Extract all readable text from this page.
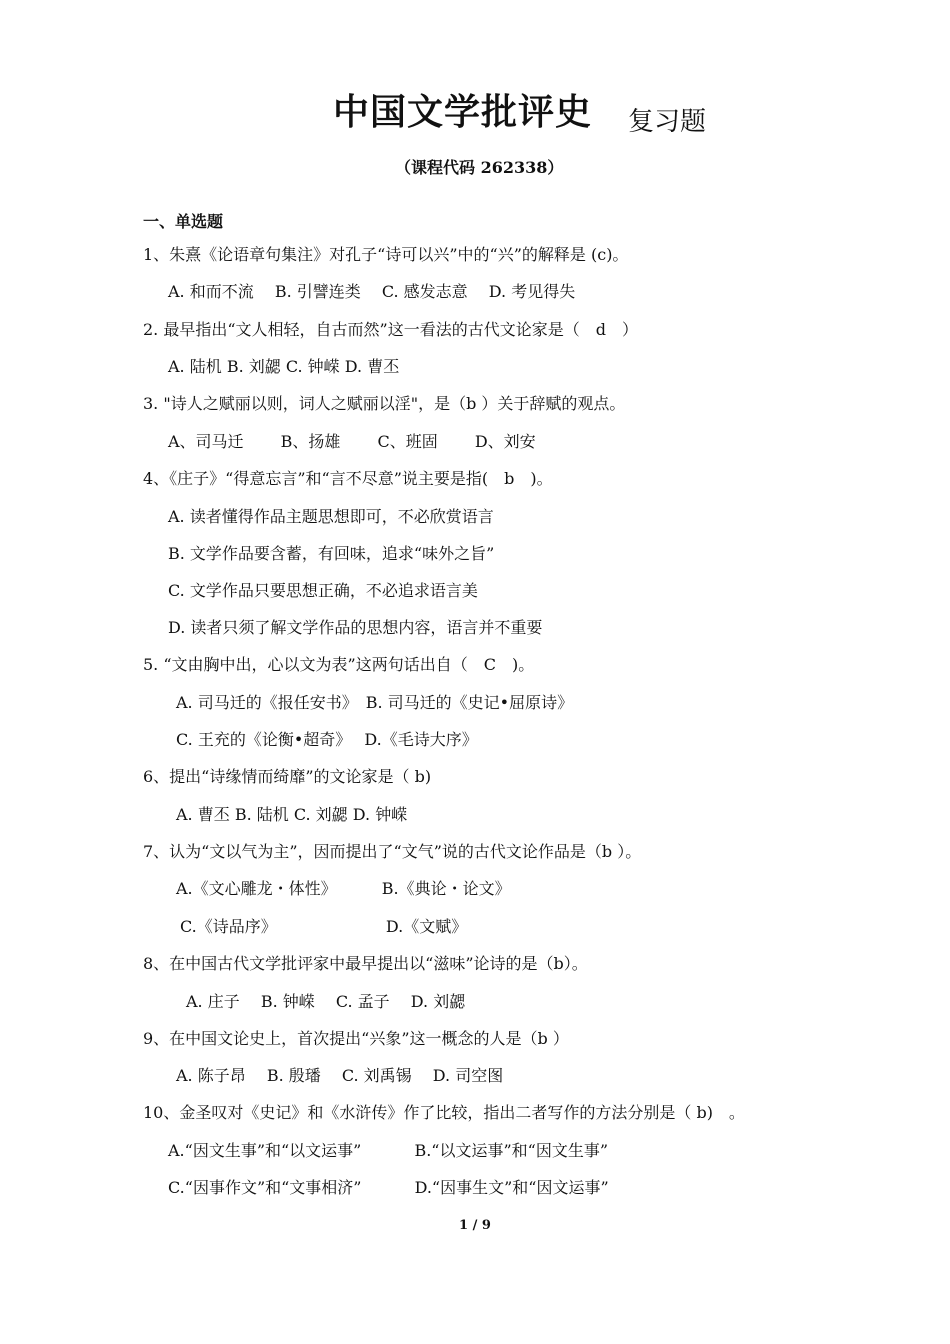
中国文学批评史 复习题
（课程代码 262338）
一、单选题
1、朱熹《论语章句集注》对孔子“诗可以兴”中的“兴”的解释是 (c)。
A. 和而不流　 B. 引譬连类　 C. 感发志意　 D. 考见得失
2. 最早指出“文人相轻，自古而然”这一看法的古代文论家是（　d　）
A. 陆机 B. 刘勰 C. 钟嵘 D. 曹丕
3. "诗人之赋丽以则，词人之赋丽以淫"，是（b ）关于辞赋的观点。
A、司马迁　　 B、扬雄　　 C、班固　　 D、刘安
4、《庄子》“得意忘言”和“言不尽意”说主要是指(　b　)。
A. 读者懂得作品主题思想即可，不必欣赏语言
B. 文学作品要含蓄，有回味，追求“味外之旨”
C. 文学作品只要思想正确，不必追求语言美
D. 读者只须了解文学作品的思想内容，语言并不重要
5. “文由胸中出，心以文为表”这两句话出自（　C　)。
A. 司马迁的《报任安书》　B. 司马迁的《史记•屈原诗》
C. 王充的《论衡•超奇》　 D.《毛诗大序》
6、提出“诗缘情而绮靡”的文论家是（ b)
A. 曹丕 B. 陆机 C. 刘勰 D. 钟嵘
7、认为“文以气为主”，因而提出了“文气”说的古代文论作品是（b ）。
A.《文心雕龙・体性》　　　 B.《典论・论文》
C.《诗品序》　　　　　　　 D.《文赋》
8、在中国古代文学批评家中最早提出以“滋味”论诗的是（b）。
A. 庄子　 B. 钟嵘　 C. 孟子　 D. 刘勰
9、在中国文论史上，首次提出“兴象”这一概念的人是（b ）
A. 陈子昂　 B. 殷璠　 C. 刘禹锡　 D. 司空图
10、金圣叹对《史记》和《水浒传》作了比较，指出二者写作的方法分别是（ b)　。
A.“因文生事”和“以文运事”　　　 B.“以文运事”和“因文生事”
C.“因事作文”和“文事相济”　　　 D.“因事生文”和“因文运事”
1 / 9
